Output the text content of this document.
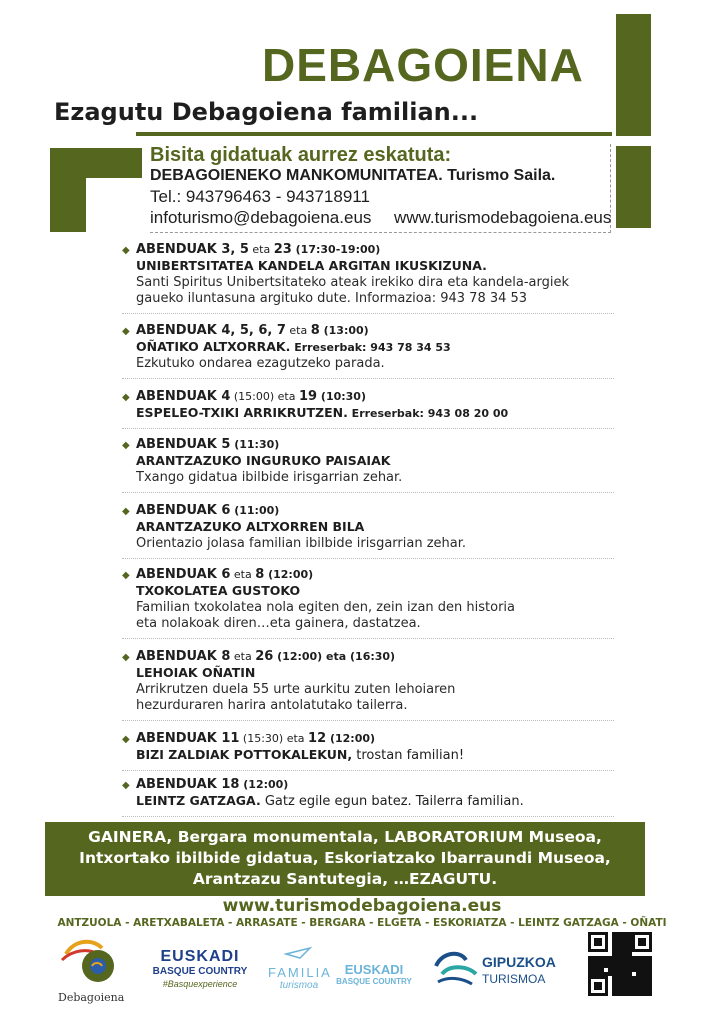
DEBAGOIENA
Ezagutu Debagoiena familian...
Bisita gidatuak aurrez eskatuta:
DEBAGOIENEKO MANKOMUNITATEA. Turismo Saila.
Tel.: 943796463 - 943718911
infoturismo@debagoiena.eus www.turismodebagoiena.eus
◆ ABENDUAK 3, 5 eta 23 (17:30-19:00)
UNIBERTSITATEA KANDELA ARGITAN IKUSKIZUNA.
Santi Spiritus Unibertsitateko ateak irekiko dira eta kandela-argiek
gaueko iluntasuna argituko dute. Informazioa: 943 78 34 53
◆ ABENDUAK 4, 5, 6, 7 eta 8 (13:00)
OÑATIKO ALTXORRAK. Erreserbak: 943 78 34 53
Ezkutuko ondarea ezagutzeko parada.
◆ ABENDUAK 4 (15:00) eta 19 (10:30)
ESPELEO-TXIKI ARRIKRUTZEN. Erreserbak: 943 08 20 00
◆ ABENDUAK 5 (11:30)
ARANTZAZUKO INGURUKO PAISAIAK
Txango gidatua ibilbide irisgarrian zehar.
◆ ABENDUAK 6 (11:00)
ARANTZAZUKO ALTXORREN BILA
Orientazio jolasa familian ibilbide irisgarrian zehar.
◆ ABENDUAK 6 eta 8 (12:00)
TXOKOLATEA GUSTOKO
Familian txokolatea nola egiten den, zein izan den historia
eta nolakoak diren…eta gainera, dastatzea.
◆ ABENDUAK 8 eta 26 (12:00) eta (16:30)
LEHOIAK OÑATIN
Arrikrutzen duela 55 urte aurkitu zuten lehoiaren
hezurduraren harira antolatutako tailerra.
◆ ABENDUAK 11 (15:30) eta 12 (12:00)
BIZI ZALDIAK POTTOKALEKUN, trostan familian!
◆ ABENDUAK 18 (12:00)
LEINTZ GATZAGA. Gatz egile egun batez. Tailerra familian.
GAINERA, Bergara monumentala, LABORATORIUM Museoa,
Intxortako ibilbide gidatua, Eskoriatzako Ibarraundi Museoa,
Arantzazu Santutegia, …EZAGUTU.
www.turismodebagoiena.eus
ANTZUOLA - ARETXABALETA - ARRASATE - BERGARA - ELGETA - ESKORIATZA - LEINTZ GATZAGA - OÑATI
Debagoiena
EUSKADI
BASQUE COUNTRY
#Basquexperience
FAMILIA
turismoa
EUSKADI
BASQUE COUNTRY
GIPUZKOA
TURISMOA
